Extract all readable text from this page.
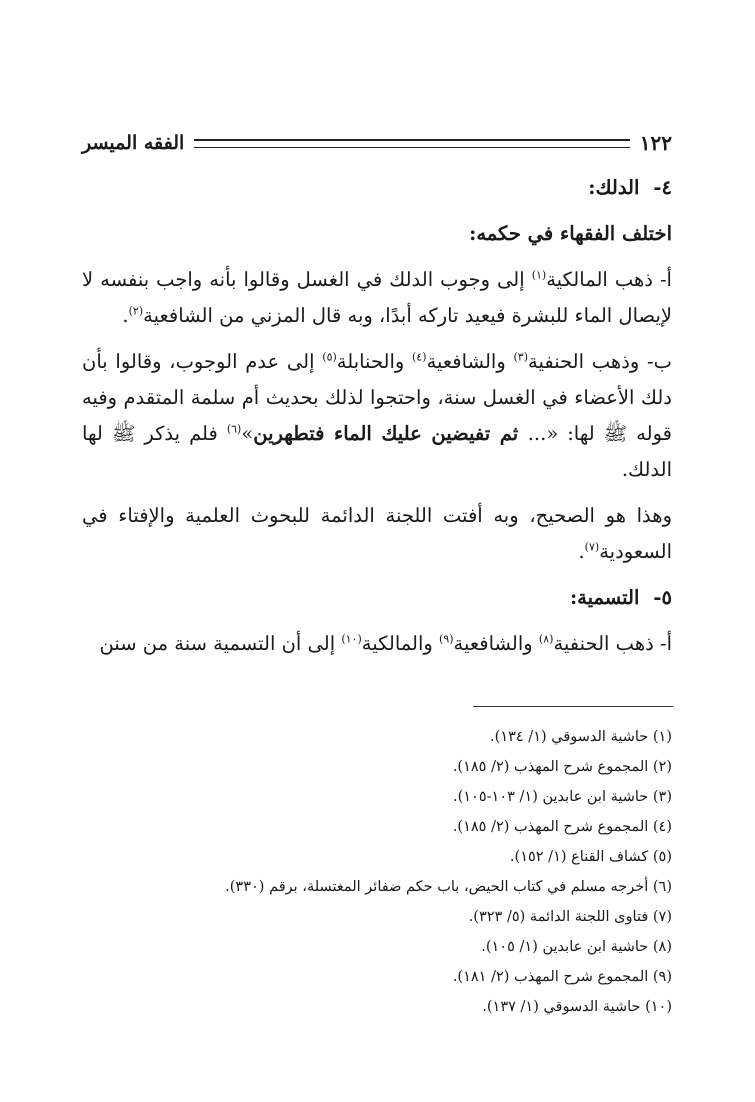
١٢٢
الفقه الميسر

٤-الدلك:

اختلف الفقهاء في حكمه:

أ- ذهب المالكية$^{(١)}$ إلى وجوب الدلك في الغسل وقالوا بأنه واجب بنفسه لا لإيصال الماء للبشرة فيعيد تاركه أبدًا، وبه قال المزني من الشافعية$^{(٢)}$.

ب- وذهب الحنفية$^{(٣)}$ والشافعية$^{(٤)}$ والحنابلة$^{(٥)}$ إلى عدم الوجوب، وقالوا بأن دلك الأعضاء في الغسل سنة، واحتجوا لذلك بحديث أم سلمة المتقدم وفيه قوله ﷺ لها: «... ثم تفيضين عليك الماء فتطهرين»$^{(٦)}$ فلم يذكر ﷺ لها الدلك.

وهذا هو الصحيح، وبه أفتت اللجنة الدائمة للبحوث العلمية والإفتاء في السعودية$^{(٧)}$.

٥-التسمية:

أ- ذهب الحنفية$^{(٨)}$ والشافعية$^{(٩)}$ والمالكية$^{(١٠)}$ إلى أن التسمية سنة من سنن

(١) حاشية الدسوقي (١/ ١٣٤).

(٢) المجموع شرح المهذب (٢/ ١٨٥).

(٣) حاشية ابن عابدين (١/ ١٠٣-١٠٥).

(٤) المجموع شرح المهذب (٢/ ١٨٥).

(٥) كشاف القناع (١/ ١٥٢).

(٦) أخرجه مسلم في كتاب الحيض، باب حكم ضفائر المغتسلة، برقم (٣٣٠).

(٧) فتاوى اللجنة الدائمة (٥/ ٣٢٣).

(٨) حاشية ابن عابدين (١/ ١٠٥).

(٩) المجموع شرح المهذب (٢/ ١٨١).

(١٠) حاشية الدسوقي (١/ ١٣٧).
